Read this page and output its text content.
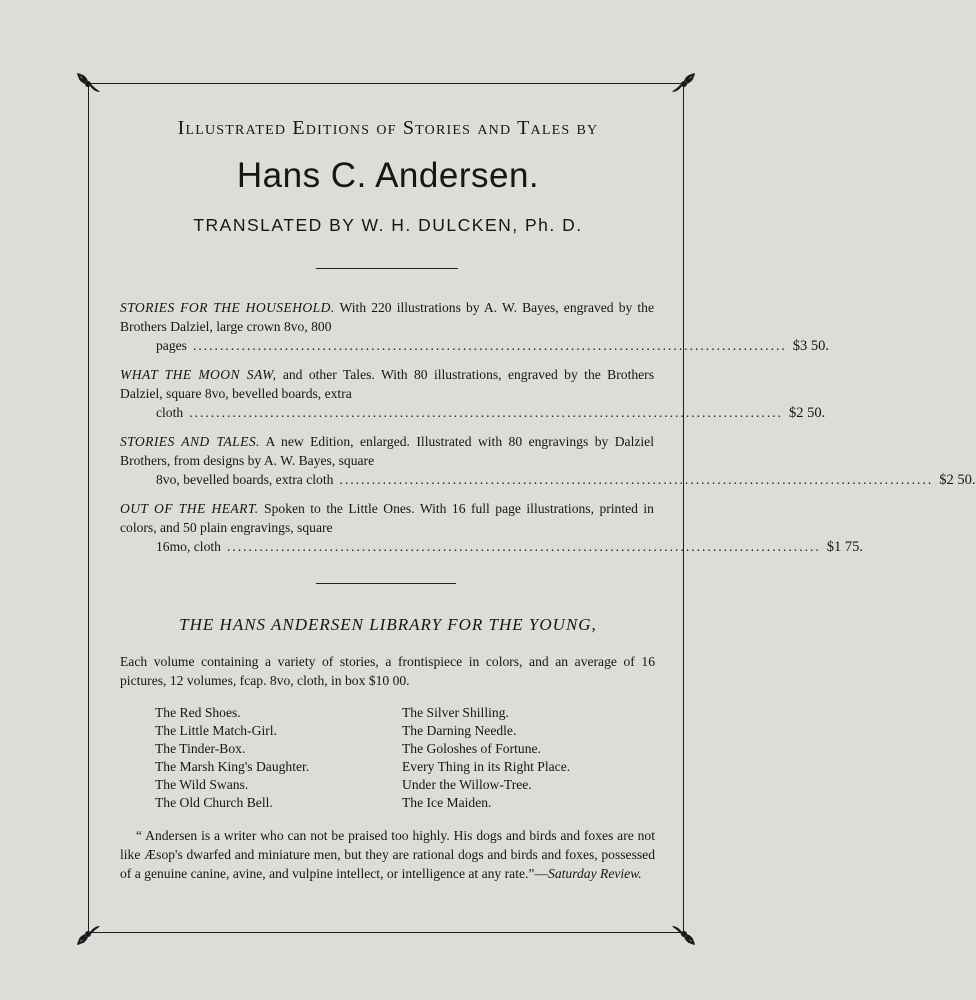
Illustrated Editions of Stories and Tales by
Hans C. Andersen.
TRANSLATED BY W. H. DULCKEN, Ph. D.
STORIES FOR THE HOUSEHOLD. With 220 illustrations by A. W. Bayes, engraved by the Brothers Dalziel, large crown 8vo, 800
pages .............................................................................................................. $3 50.
WHAT THE MOON SAW, and other Tales. With 80 illustrations, engraved by the Brothers Dalziel, square 8vo, bevelled boards, extra
cloth .............................................................................................................. $2 50.
STORIES AND TALES. A new Edition, enlarged. Illustrated with 80 engravings by Dalziel Brothers, from designs by A. W. Bayes, square
8vo, bevelled boards, extra cloth .............................................................................................................. $2 50.
OUT OF THE HEART. Spoken to the Little Ones. With 16 full page illustrations, printed in colors, and 50 plain engravings, square
16mo, cloth .............................................................................................................. $1 75.
THE HANS ANDERSEN LIBRARY FOR THE YOUNG,
Each volume containing a variety of stories, a frontispiece in colors, and an average of 16 pictures, 12 volumes, fcap. 8vo, cloth, in box $10 00.
The Red Shoes.
The Little Match-Girl.
The Tinder-Box.
The Marsh King's Daughter.
The Wild Swans.
The Old Church Bell.
The Silver Shilling.
The Darning Needle.
The Goloshes of Fortune.
Every Thing in its Right Place.
Under the Willow-Tree.
The Ice Maiden.
“ Andersen is a writer who can not be praised too highly. His dogs and birds and foxes are not like Æsop's dwarfed and miniature men, but they are rational dogs and birds and foxes, possessed of a genuine canine, avine, and vulpine intellect, or intelligence at any rate.”—Saturday Review.
